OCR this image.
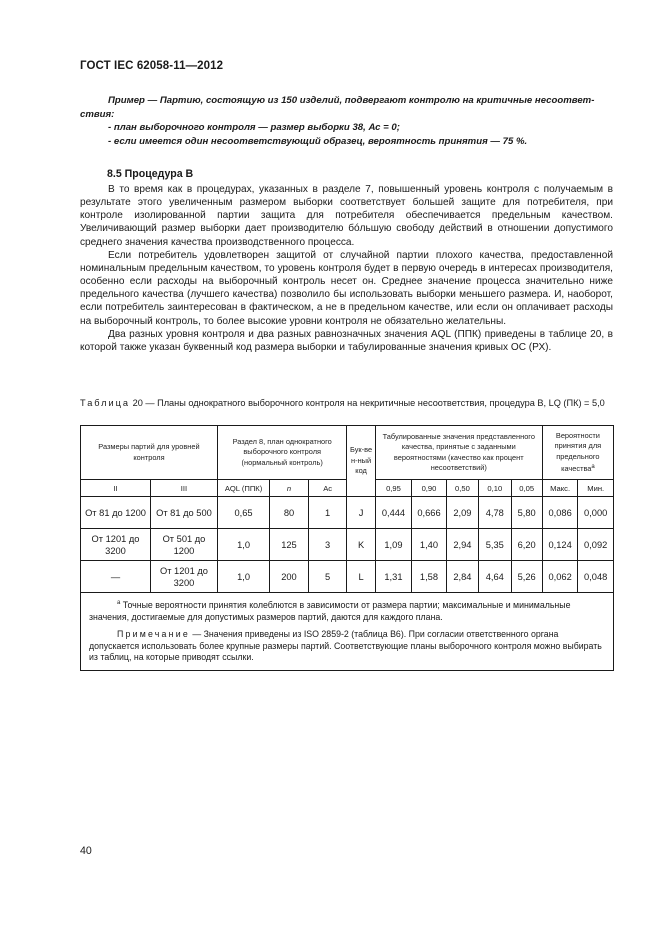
ГОСТ IEC 62058-11—2012
Пример — Партию, состоящую из 150 изделий, подвергают контролю на критичные несоответ-
ствия:
- план выборочного контроля — размер выборки 38, Ас = 0;
- если имеется один несоответствующий образец, вероятность принятия — 75 %.
8.5 Процедура В

В то время как в процедурах, указанных в разделе 7, повышенный уровень контроля с получаемым в результате этого увеличенным размером выборки соответствует большей защите для потребителя, при контроле изолированной партии защита для потребителя обеспечивается предельным качеством. Увеличивающий размер выборки дает производителю бóльшую свободу действий в отношении допустимого среднего значения качества производственного процесса.

Если потребитель удовлетворен защитой от случайной партии плохого качества, предоставленной номинальным предельным качеством, то уровень контроля будет в первую очередь в интересах производителя, особенно если расходы на выборочный контроль несет он. Среднее значение процесса значительно ниже предельного качества (лучшего качества) позволило бы использовать выборки меньшего размера. И, наоборот, если потребитель заинтересован в фактическом, а не в предельном качестве, или если он оплачивает расходы на выборочный контроль, то более высокие уровни контроля не обязательно желательны.

Два разных уровня контроля и два разных равнозначных значения AQL (ППК) приведены в таблице 20, в которой также указан буквенный код размера выборки и табулированные значения кривых ОС (РХ).

Таблица 20 — Планы однократного выборочного контроля на некритичные несоответствия, процедура B, LQ (ПК) = 5,0
Размеры партий для уровней контроля		Раздел 8, план однократного выборочного контроля (нормальный контроль)			Бук-вен-ный код	Табулированные значения представленного качества, принятые с заданными вероятностями (качество как процент несоответствий)					Вероятности принятия для предельного качества$^a$
II	III	AQL (ППК)	n	Ac		0,95	0,90	0,50	0,10	0,05	Макс.	Мин.
От 81 до 1200	От 81 до 500	0,65	80	1	J	0,444	0,666	2,09	4,78	5,80	0,086	0,000
От 1201 до 3200	От 501 до 1200	1,0	125	3	K	1,09	1,40	2,94	5,35	6,20	0,124	0,092
—	От 1201 до 3200	1,0	200	5	L	1,31	1,58	2,84	4,64	5,26	0,062	0,048

$^a$ Точные вероятности принятия колеблются в зависимости от размера партии; максимальные и минимальные значения, достигаемые для допустимых размеров партий, даются для каждого плана.

Примечание — Значения приведены из ISO 2859-2 (таблица B6). При согласии ответственного органа допускается использовать более крупные размеры партий. Соответствующие планы выборочного контроля можно выбирать из таблиц, на которые приводят ссылки.												

40
